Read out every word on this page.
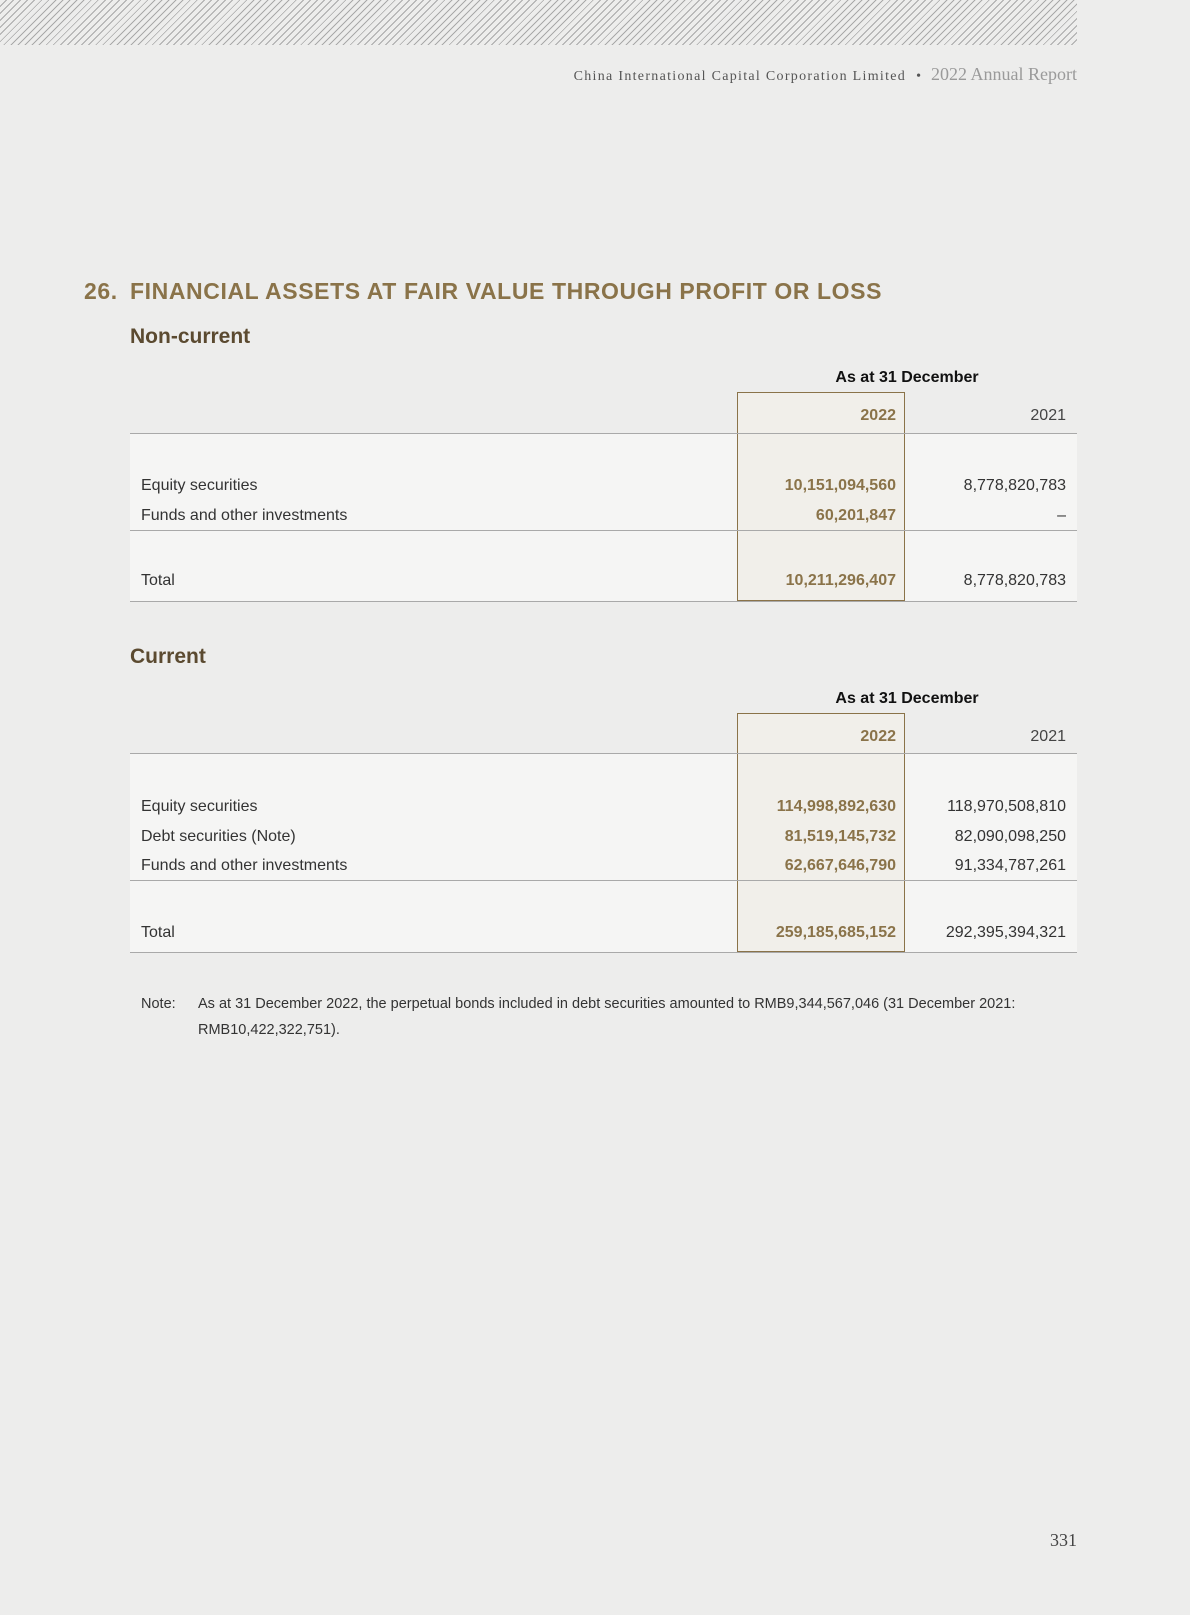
China International Capital Corporation Limited • 2022 Annual Report
26. FINANCIAL ASSETS AT FAIR VALUE THROUGH PROFIT OR LOSS
Non-current
As at 31 December
2022	2021
Equity securities	10,151,094,560	8,778,820,783
Funds and other investments	60,201,847	–
Total	10,211,296,407	8,778,820,783
Current
As at 31 December
2022	2021
Equity securities	114,998,892,630	118,970,508,810
Debt securities (Note)	81,519,145,732	82,090,098,250
Funds and other investments	62,667,646,790	91,334,787,261
Total	259,185,685,152	292,395,394,321
Note: As at 31 December 2022, the perpetual bonds included in debt securities amounted to RMB9,344,567,046 (31 December 2021: RMB10,422,322,751).
331
